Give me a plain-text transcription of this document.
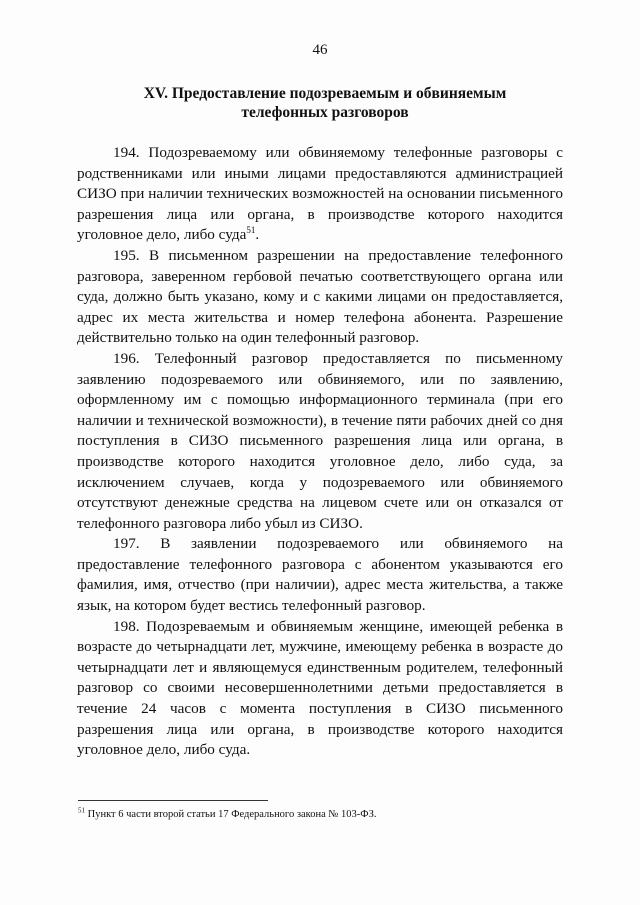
46
XV. Предоставление подозреваемым и обвиняемым
телефонных разговоров

194. Подозреваемому или обвиняемому телефонные разговоры с родственниками или иными лицами предоставляются администрацией СИЗО при наличии технических возможностей на основании письменного разрешения лица или органа, в производстве которого находится уголовное дело, либо суда$^{51}$.

195. В письменном разрешении на предоставление телефонного разговора, заверенном гербовой печатью соответствующего органа или суда, должно быть указано, кому и с какими лицами он предоставляется, адрес их места жительства и номер телефона абонента. Разрешение действительно только на один телефонный разговор.

196. Телефонный разговор предоставляется по письменному заявлению подозреваемого или обвиняемого, или по заявлению, оформленному им с помощью информационного терминала (при его наличии и технической возможности), в течение пяти рабочих дней со дня поступления в СИЗО письменного разрешения лица или органа, в производстве которого находится уголовное дело, либо суда, за исключением случаев, когда у подозреваемого или обвиняемого отсутствуют денежные средства на лицевом счете или он отказался от телефонного разговора либо убыл из СИЗО.

197. В заявлении подозреваемого или обвиняемого на предоставление телефонного разговора с абонентом указываются его фамилия, имя, отчество (при наличии), адрес места жительства, а также язык, на котором будет вестись телефонный разговор.

198. Подозреваемым и обвиняемым женщине, имеющей ребенка в возрасте до четырнадцати лет, мужчине, имеющему ребенка в возрасте до четырнадцати лет и являющемуся единственным родителем, телефонный разговор со своими несовершеннолетними детьми предоставляется в течение 24 часов с момента поступления в СИЗО письменного разрешения лица или органа, в производстве которого находится уголовное дело, либо суда.

$^{51}$ Пункт 6 части второй статьи 17 Федерального закона № 103-ФЗ.
